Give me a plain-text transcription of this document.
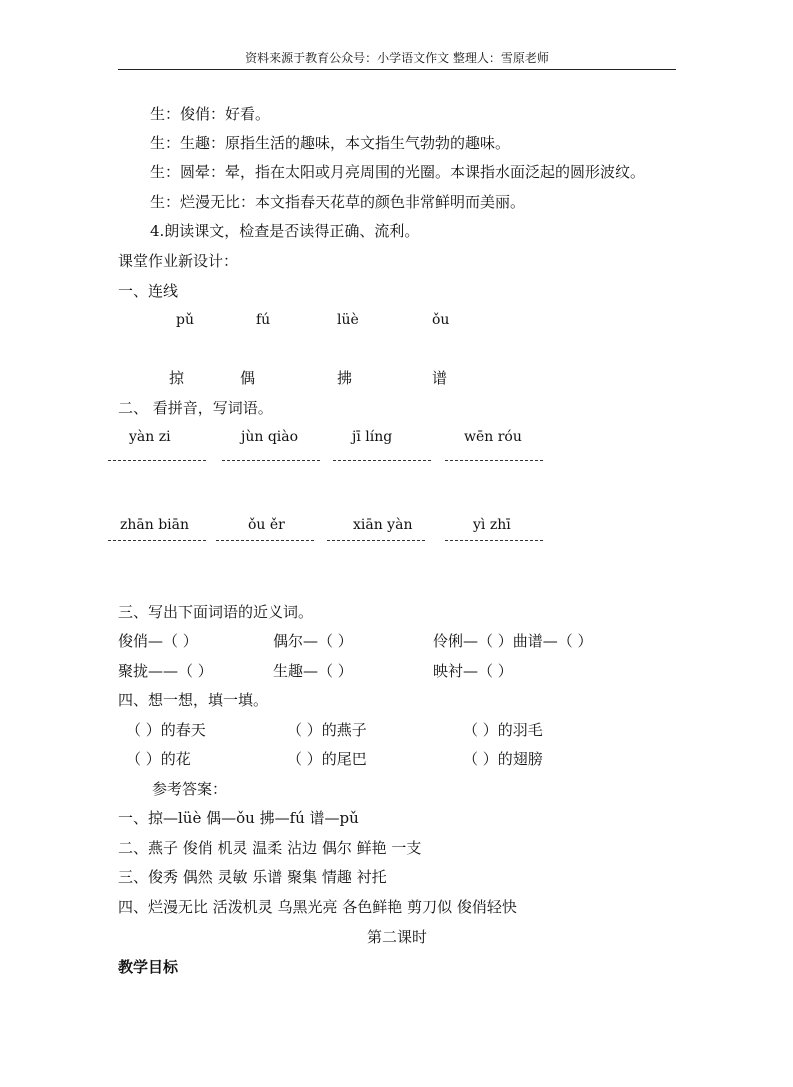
资料来源于教育公众号：小学语文作文 整理人：雪原老师
生：俊俏：好看。
生：生趣：原指生活的趣味，本文指生气勃勃的趣味。
生：圆晕：晕，指在太阳或月亮周围的光圈。本课指水面泛起的圆形波纹。
生：烂漫无比：本文指春天花草的颜色非常鲜明而美丽。
4.朗读课文，检查是否读得正确、流利。
课堂作业新设计：
一、连线
pǔ	fú	lüè	ǒu
掠	偶	拂	谱
二、 看拼音，写词语。
yàn zi	jùn qiào	jī líng	wēn róu
zhān biān	ǒu ěr	xiān yàn	yì zhī
三、写出下面词语的近义词。
俊俏—（ ）	偶尔—（ ）	伶俐—（ ）曲谱—（ ）
聚拢——（ ）	生趣—（ ）	映衬—（ ）
四、想一想，填一填。
（ ）的春天	（ ）的燕子	（ ）的羽毛
（ ）的花	（ ）的尾巴	（ ）的翅膀
参考答案：
一、掠—lüè 偶—ǒu 拂—fú 谱—pǔ
二、燕子 俊俏 机灵 温柔 沾边 偶尔 鲜艳 一支
三、俊秀 偶然 灵敏 乐谱 聚集 情趣 衬托
四、烂漫无比 活泼机灵 乌黑光亮 各色鲜艳 剪刀似 俊俏轻快
第二课时
教学目标
